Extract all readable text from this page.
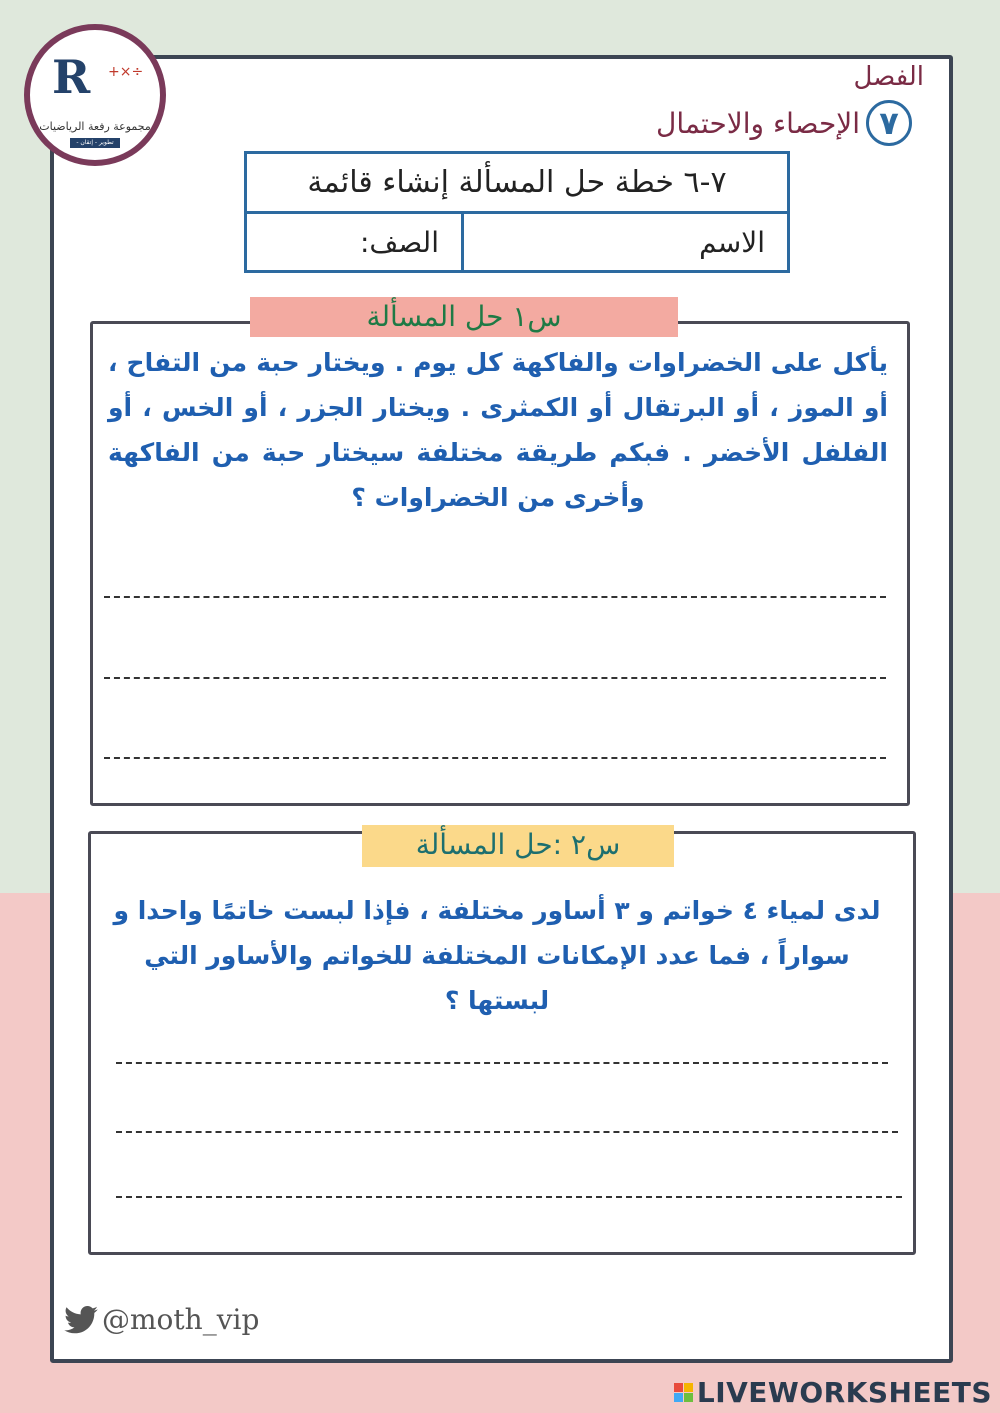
R +×÷
مجموعة رفعة الرياضيات
تطوير - إتقان - توثيق
الفصل
٧
الإحصاء والاحتمال
٧-٦ خطة حل المسألة إنشاء قائمة
الاسم
الصف:
س١ حل المسألة
يأكل على الخضراوات والفاكهة كل يوم . ويختار حبة من التفاح ، أو الموز ، أو البرتقال أو الكمثرى . ويختار الجزر ، أو الخس ، أو الفلفل الأخضر . فبكم طريقة مختلفة سيختار حبة من الفاكهة وأخرى من الخضراوات ؟
س٢ :حل المسألة
لدى لمياء ٤ خواتم و ٣ أساور مختلفة ، فإذا لبست خاتمًا واحدا و سواراً ، فما عدد الإمكانات المختلفة للخواتم والأساور التي لبستها ؟
@moth_vip
LIVEWORKSHEETS
